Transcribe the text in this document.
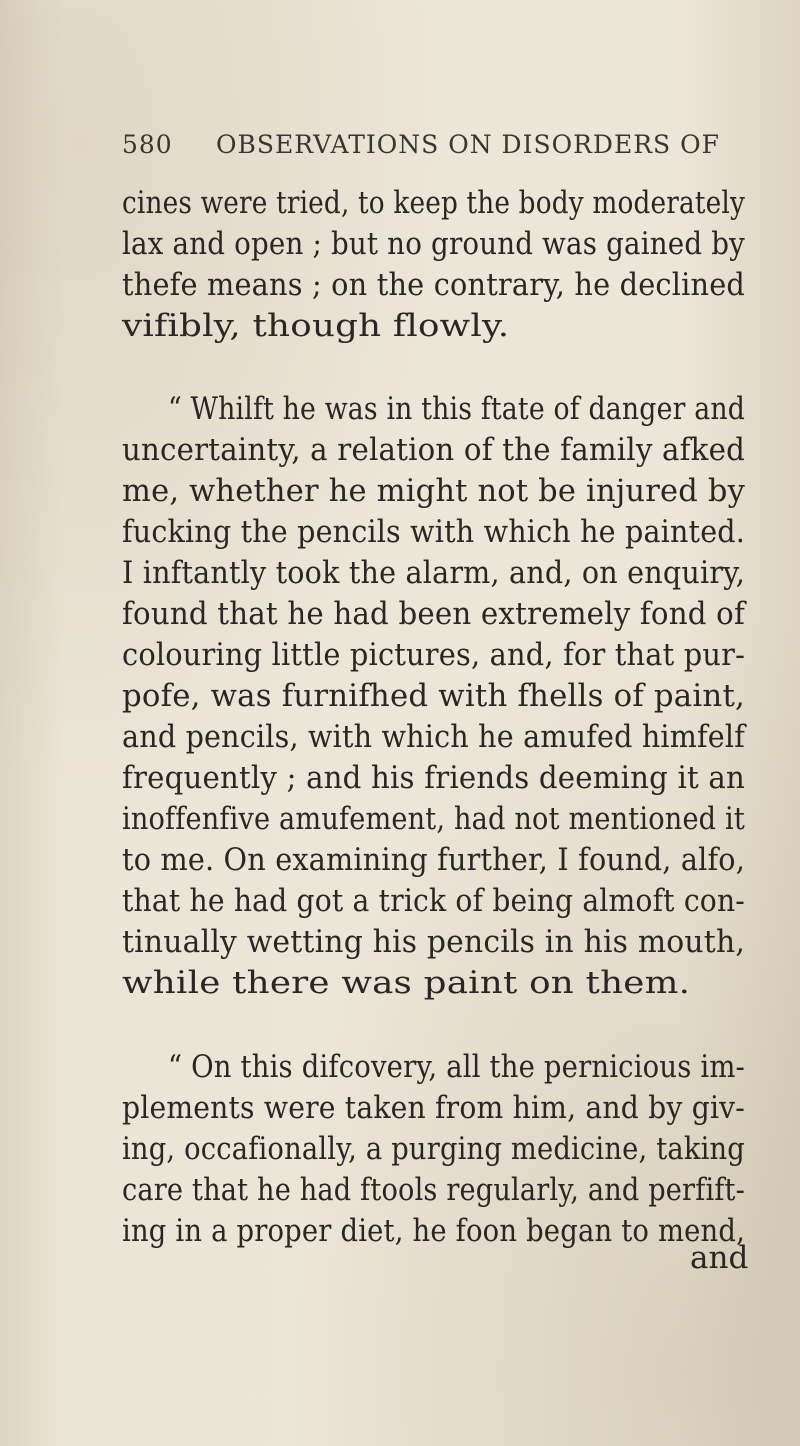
580 OBSERVATIONS ON DISORDERS OF
cines were tried, to keep the body moderately
lax and open ; but no ground was gained by
thefe means ; on the contrary, he declined
vifibly, though flowly.
“ Whilft he was in this ftate of danger and
uncertainty, a relation of the family afked
me, whether he might not be injured by
fucking the pencils with which he painted.
I inftantly took the alarm, and, on enquiry,
found that he had been extremely fond of
colouring little pictures, and, for that pur-
pofe, was furnifhed with fhells of paint,
and pencils, with which he amufed himfelf
frequently ; and his friends deeming it an
inoffenfive amufement, had not mentioned it
to me. On examining further, I found, alfo,
that he had got a trick of being almoft con-
tinually wetting his pencils in his mouth,
while there was paint on them.
“ On this difcovery, all the pernicious im-
plements were taken from him, and by giv-
ing, occafionally, a purging medicine, taking
care that he had ftools regularly, and perfift-
ing in a proper diet, he foon began to mend,
and
